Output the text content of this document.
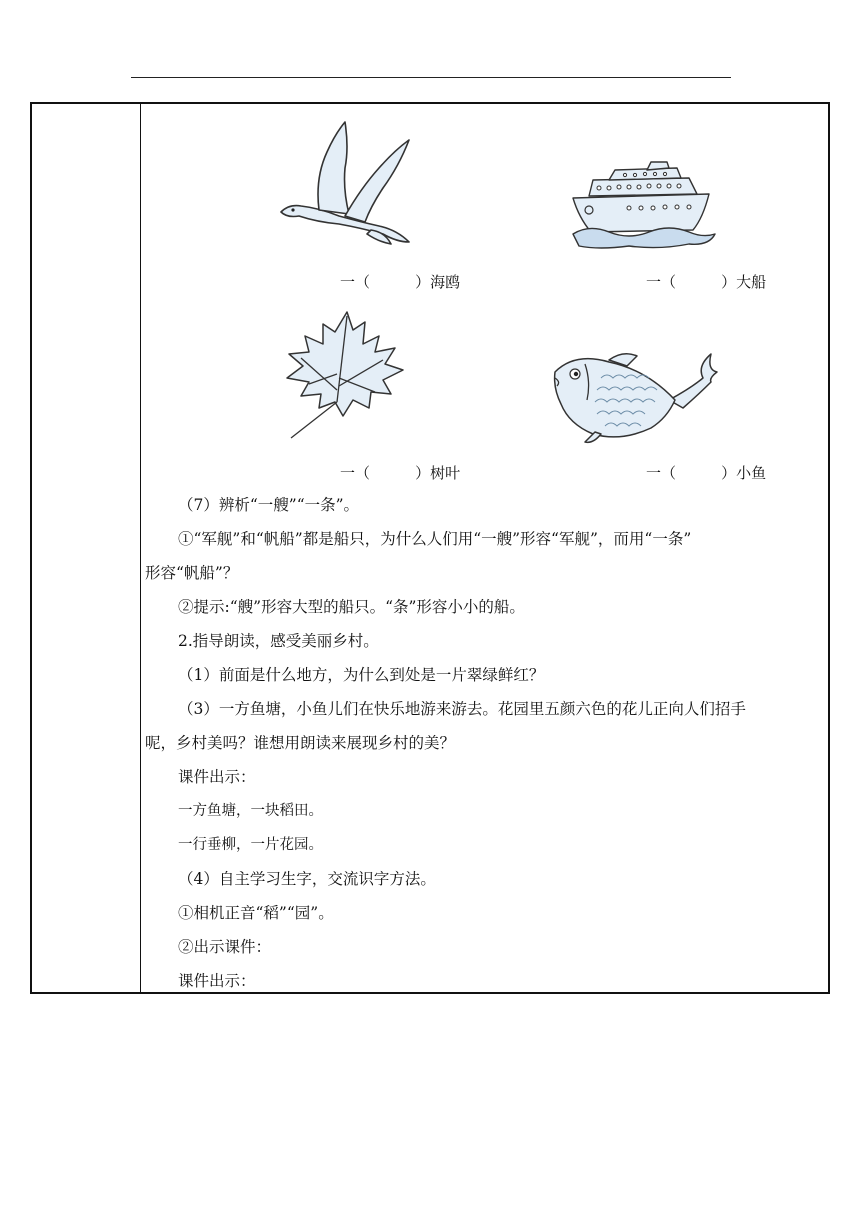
一（     ）海鸥	一（     ）大船
一（     ）树叶	一（     ）小鱼
（7）辨析“一艘”“一条”。
①“军舰”和“帆船”都是船只，为什么人们用“一艘”形容“军舰”，而用“一条”
形容“帆船”？
②提示:“艘”形容大型的船只。“条”形容小小的船。
2.指导朗读，感受美丽乡村。
（1）前面是什么地方，为什么到处是一片翠绿鲜红？
（3）一方鱼塘，小鱼儿们在快乐地游来游去。花园里五颜六色的花儿正向人们招手
呢，乡村美吗？谁想用朗读来展现乡村的美？
课件出示：
一方鱼塘，一块稻田。
一行垂柳，一片花园。
（4）自主学习生字，交流识字方法。
①相机正音“稻”“园”。
②出示课件：
课件出示：
